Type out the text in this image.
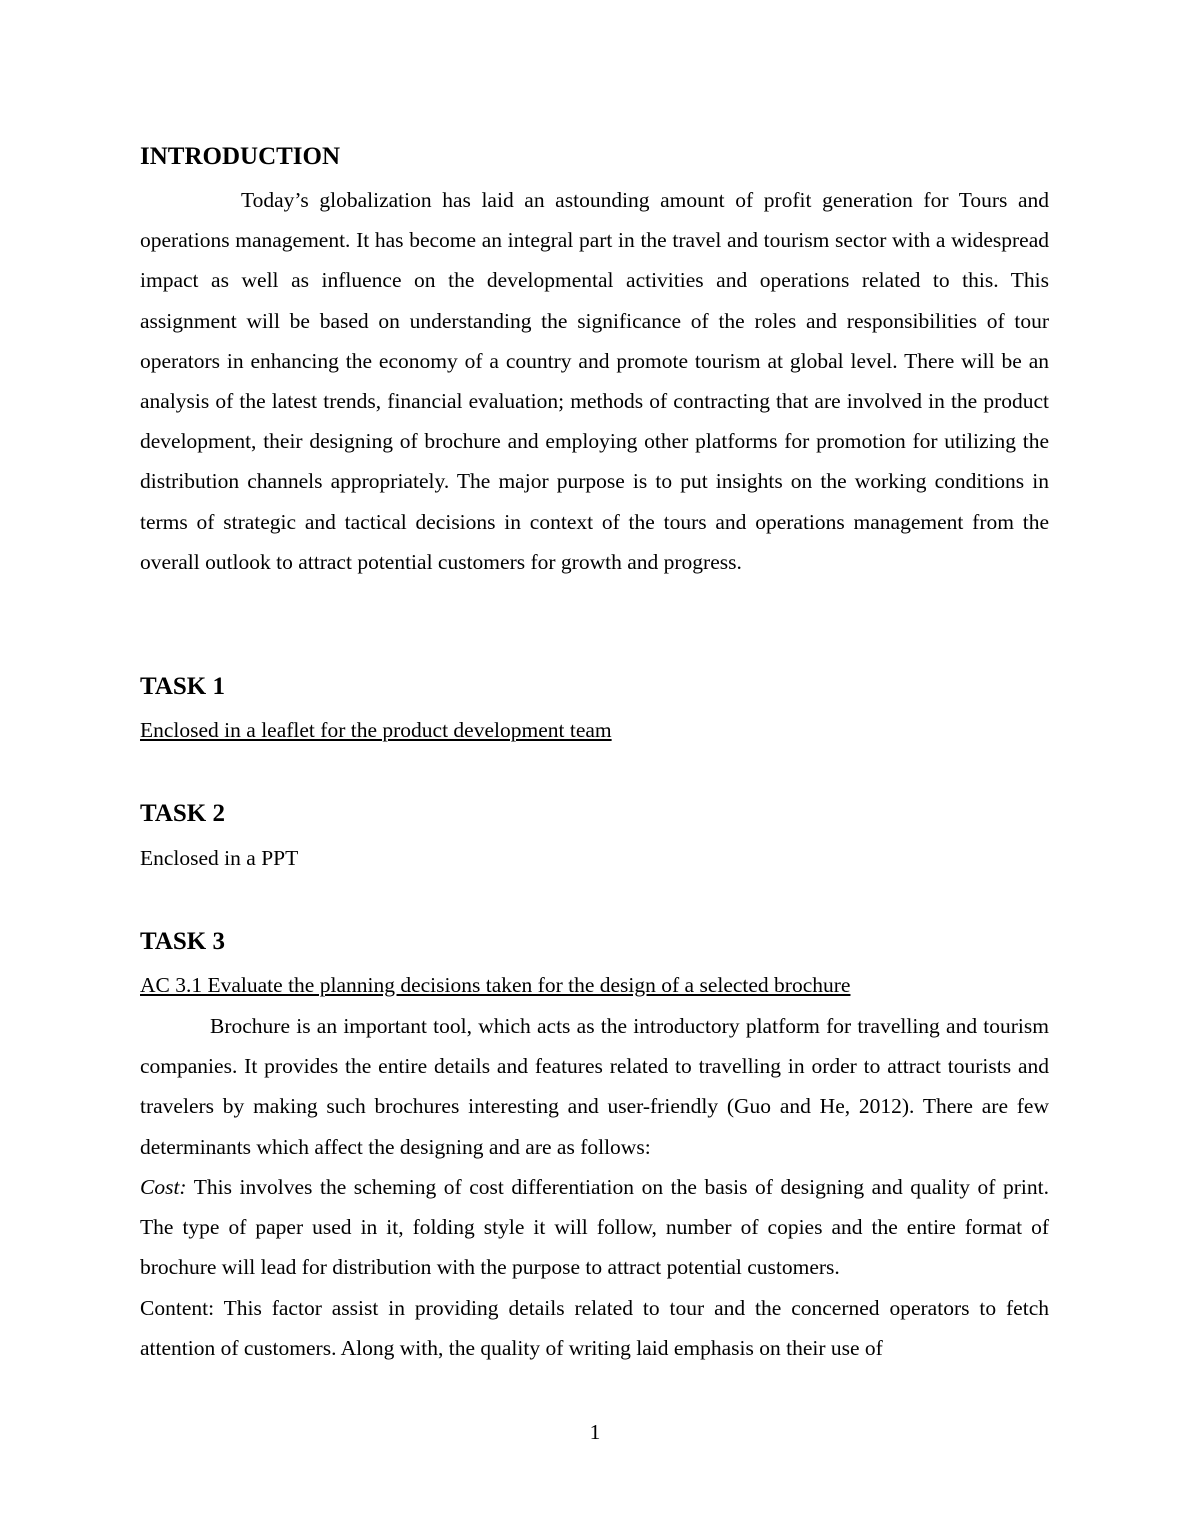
INTRODUCTION

Today’s globalization has laid an astounding amount of profit generation for Tours and operations management. It has become an integral part in the travel and tourism sector with a widespread impact as well as influence on the developmental activities and operations related to this. This assignment will be based on understanding the significance of the roles and responsibilities of tour operators in enhancing the economy of a country and promote tourism at global level. There will be an analysis of the latest trends, financial evaluation; methods of contracting that are involved in the product development, their designing of brochure and employing other platforms for promotion for utilizing the distribution channels appropriately. The major purpose is to put insights on the working conditions in terms of strategic and tactical decisions in context of the tours and operations management from the overall outlook to attract potential customers for growth and progress.

TASK 1

Enclosed in a leaflet for the product development team

TASK 2

Enclosed in a PPT

TASK 3

AC 3.1 Evaluate the planning decisions taken for the design of a selected brochure

Brochure is an important tool, which acts as the introductory platform for travelling and tourism companies. It provides the entire details and features related to travelling in order to attract tourists and travelers by making such brochures interesting and user-friendly (Guo and He, 2012). There are few determinants which affect the designing and are as follows:

Cost: This involves the scheming of cost differentiation on the basis of designing and quality of print. The type of paper used in it, folding style it will follow, number of copies and the entire format of brochure will lead for distribution with the purpose to attract potential customers.

Content: This factor assist in providing details related to tour and the concerned operators to fetch attention of customers. Along with, the quality of writing laid emphasis on their use of

1
